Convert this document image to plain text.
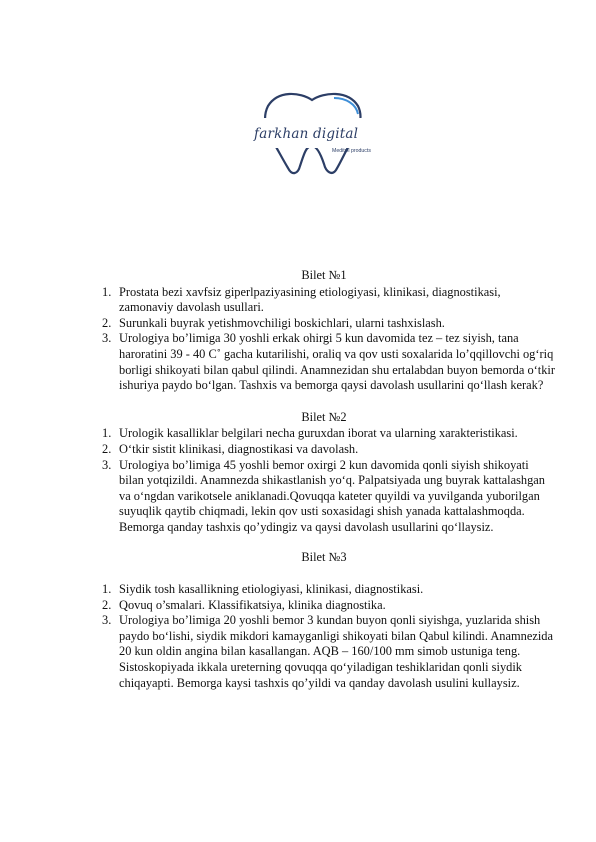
farkhan digital
Meditsil products

Bilet №1

1. Prostata bezi xavfsiz giperlpaziyasining etiologiyasi, klinikasi, diagnostikasi, zamonaviy davolash usullari.
2. Surunkali buyrak yetishmovchiligi boskichlari, ularni tashxislash.
3. Urologiya bo’limiga 30 yoshli erkak ohirgi 5 kun davomida tez – tez siyish, tana haroratini 39 - 40 C˚ gacha kutarilishi, oraliq va qov usti soxalarida lo’qqillovchi og‘riq borligi shikoyati bilan qabul qilindi. Anamnezidan shu ertalabdan buyon bemorda o‘tkir ishuriya paydo bo‘lgan. Tashxis va bemorga qaysi davolash usullarini qo‘llash kerak?

Bilet №2

1. Urologik kasalliklar belgilari necha guruxdan iborat va ularning xarakteristikasi.
2. O‘tkir sistit klinikasi, diagnostikasi va davolash.
3. Urologiya bo’limiga 45 yoshli bemor oxirgi 2 kun davomida qonli siyish shikoyati bilan yotqizildi. Anamnezda shikastlanish yo‘q. Palpatsiyada ung buyrak kattalashgan va o‘ngdan varikotsele aniklanadi.Qovuqqa kateter quyildi va yuvilganda yuborilgan suyuqlik qaytib chiqmadi, lekin qov usti soxasidagi shish yanada kattalashmoqda. Bemorga qanday tashxis qo’ydingiz va qaysi davolash usullarini qo‘llaysiz.

Bilet №3

1. Siydik tosh kasallikning etiologiyasi, klinikasi, diagnostikasi.
2. Qovuq o’smalari. Klassifikatsiya, klinika diagnostika.
3. Urologiya bo’limiga 20 yoshli bemor 3 kundan buyon qonli siyishga, yuzlarida shish paydo bo‘lishi, siydik mikdori kamayganligi shikoyati bilan Qabul kilindi. Anamnezida 20 kun oldin angina bilan kasallangan. AQB – 160/100 mm simob ustuniga teng. Sistoskopiyada ikkala ureterning qovuqqa qo‘yiladigan teshiklaridan qonli siydik chiqayapti. Bemorga kaysi tashxis qo’yildi va qanday davolash usulini kullaysiz.
